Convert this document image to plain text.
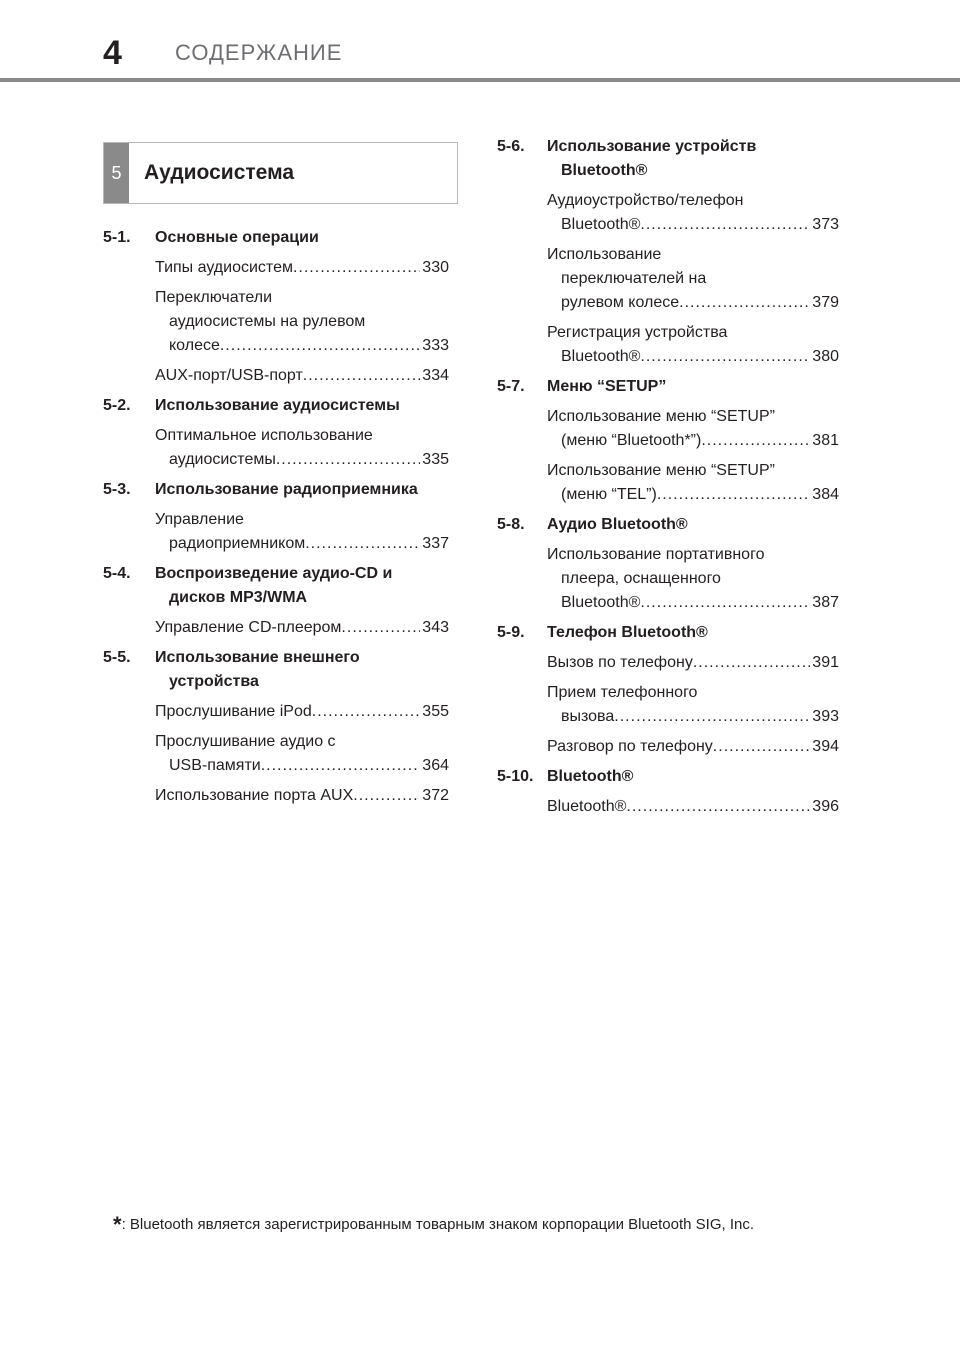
4 СОДЕРЖАНИЕ
5	Аудиосистема
5-1.	Основные операции
Типы аудиосистем .....	330
Переключатели
аудиосистемы на рулевом
колесе .....	333
AUX-порт/USB-порт .....	334
5-2.	Использование аудиосистемы
Оптимальное использование
аудиосистемы .....	335
5-3.	Использование радиоприемника
Управление
радиоприемником .....	337
5-4.	Воспроизведение аудио-CD и дисков MP3/WMA
Управление CD-плеером .....	343
5-5.	Использование внешнего устройства
Прослушивание iPod .....	355
Прослушивание аудио с
USB-памяти .....	364
Использование порта AUX .....	372
5-6.	Использование устройств Bluetooth®
Аудиоустройство/телефон
Bluetooth® .....	373
Использование
переключателей на
рулевом колесе .....	379
Регистрация устройства
Bluetooth® .....	380
5-7.	Меню “SETUP”
Использование меню “SETUP”
(меню “Bluetooth*”) .....	381
Использование меню “SETUP”
(меню “TEL”) .....	384
5-8.	Аудио Bluetooth®
Использование портативного
плеера, оснащенного
Bluetooth® .....	387
5-9.	Телефон Bluetooth®
Вызов по телефону .....	391
Прием телефонного
вызова .....	393
Разговор по телефону .....	394
5-10. Bluetooth®
Bluetooth® .....	396
*: Bluetooth является зарегистрированным товарным знаком корпорации Bluetooth SIG, Inc.
